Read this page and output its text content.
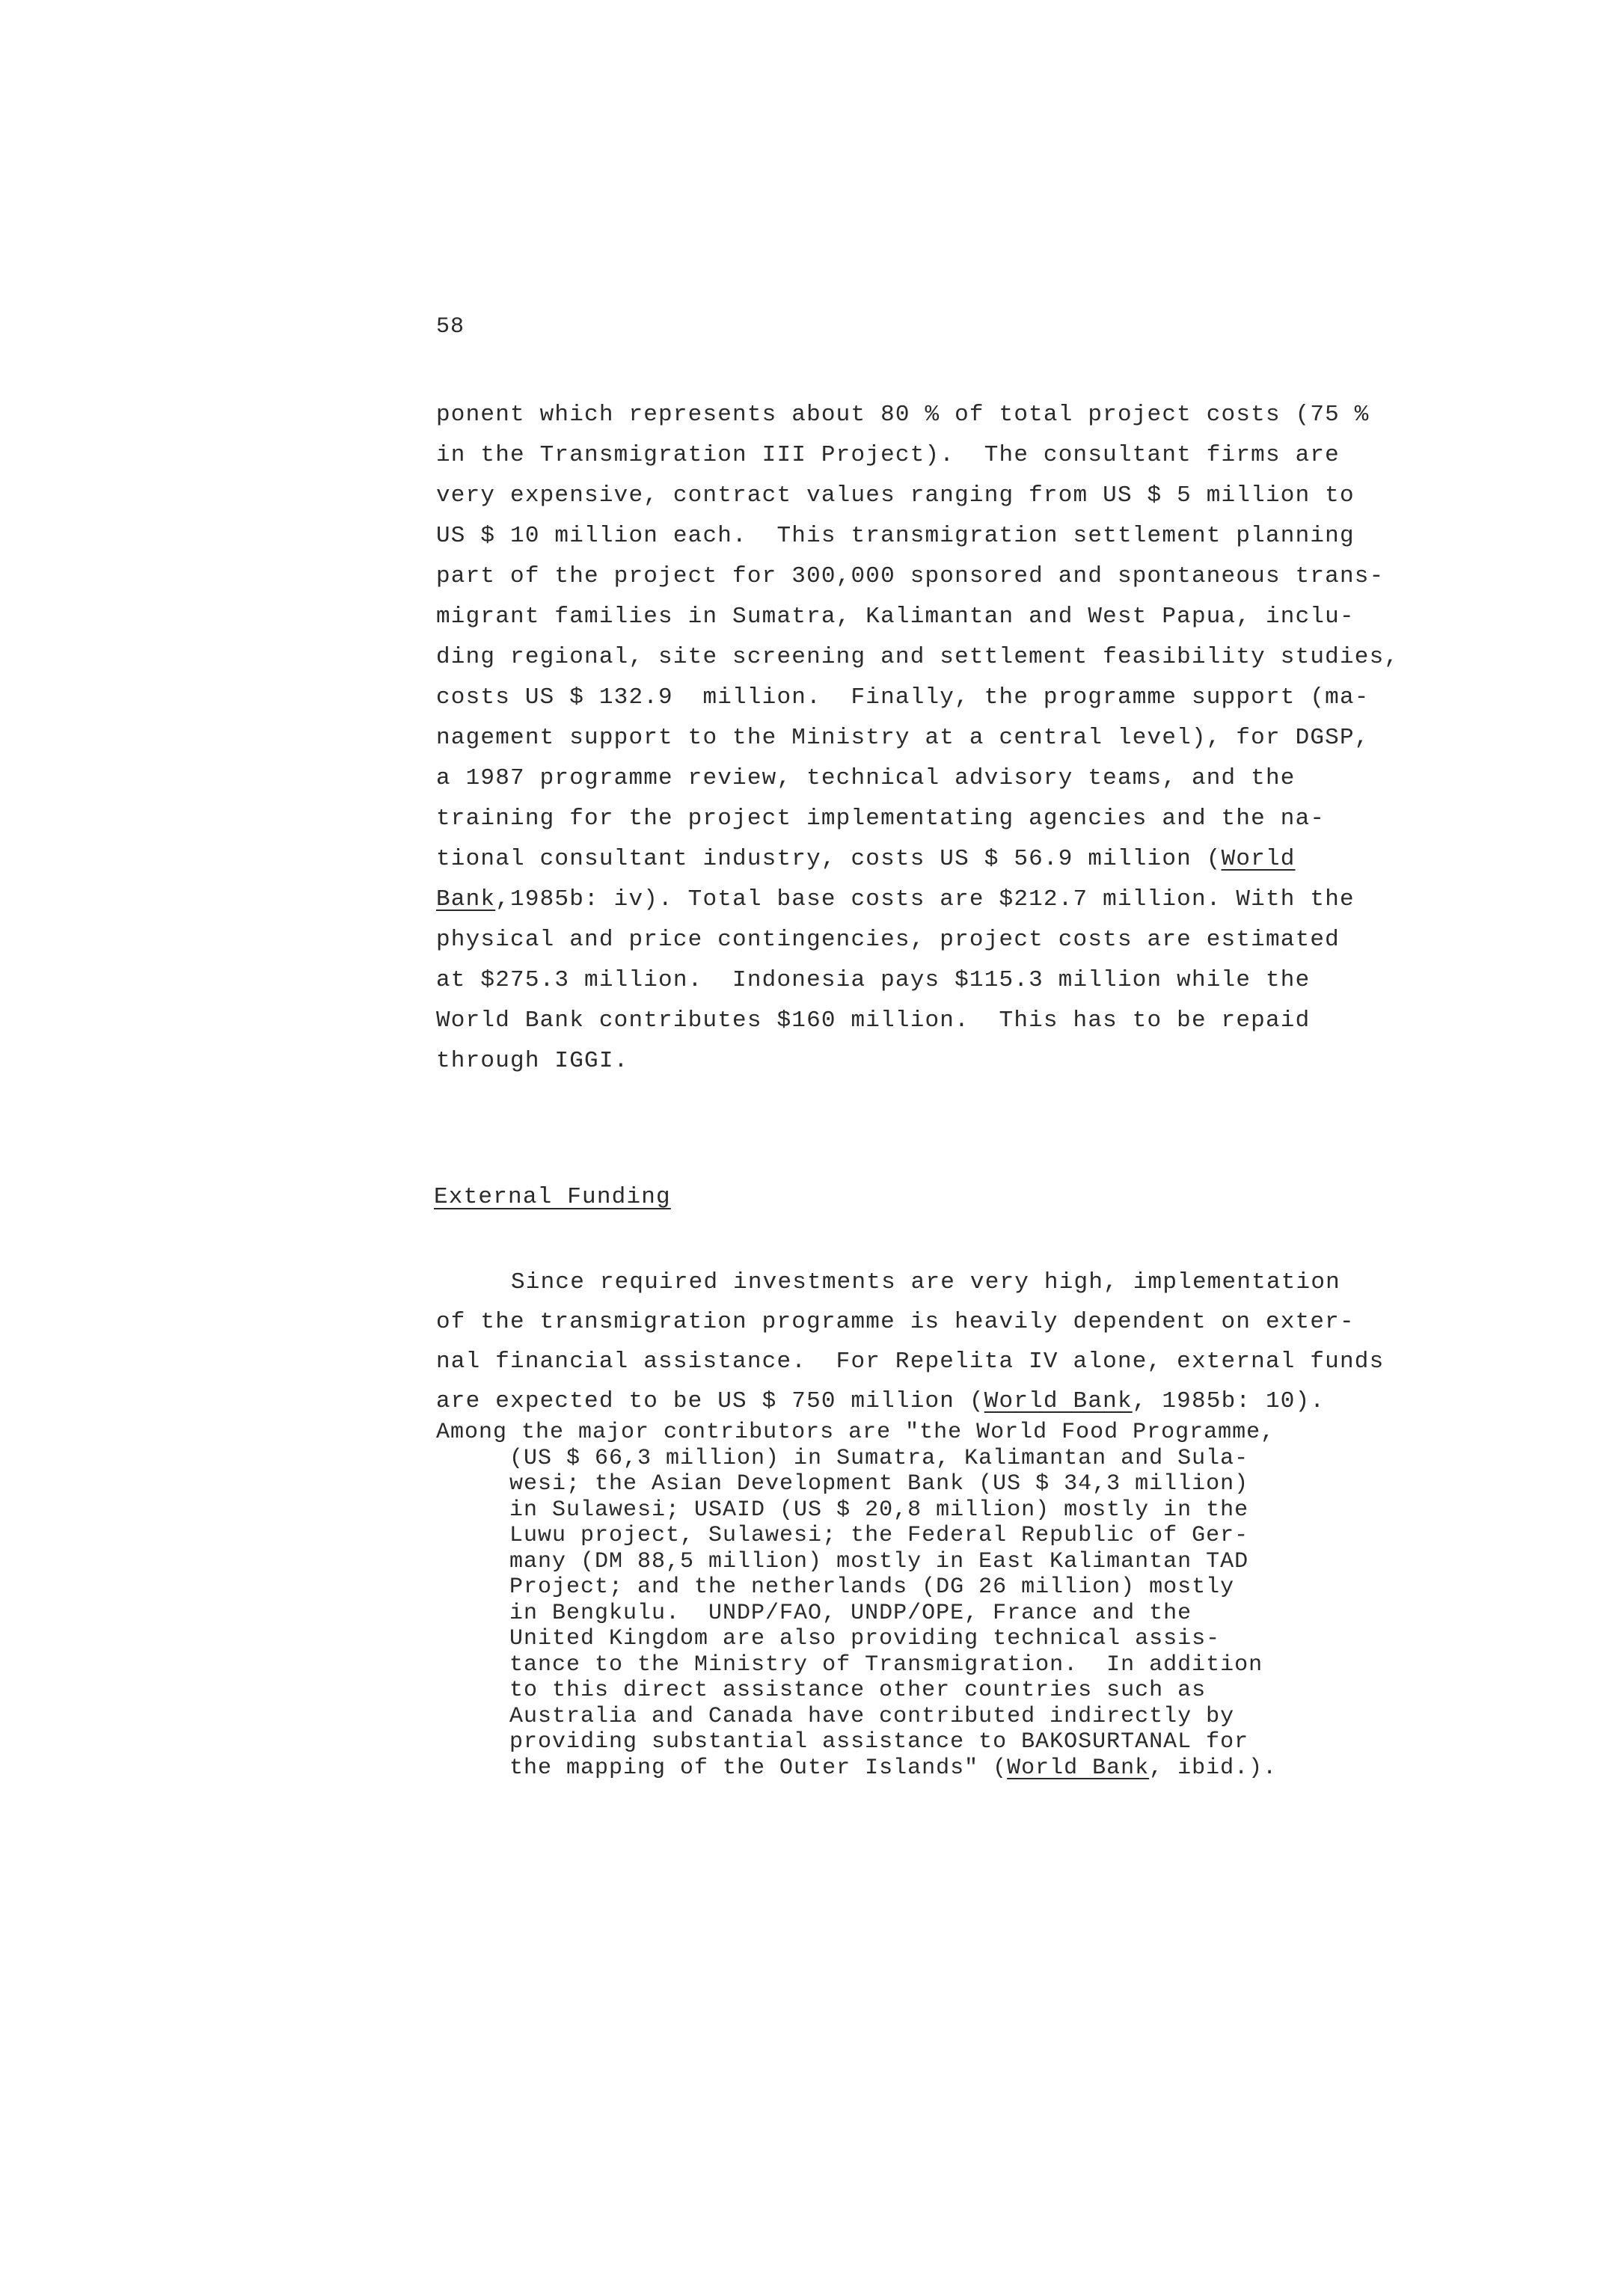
58
ponent which represents about 80 % of total project costs (75 %
in the Transmigration III Project).  The consultant firms are
very expensive, contract values ranging from US $ 5 million to
US $ 10 million each.  This transmigration settlement planning
part of the project for 300,000 sponsored and spontaneous trans-
migrant families in Sumatra, Kalimantan and West Papua, inclu-
ding regional, site screening and settlement feasibility studies,
costs US $ 132.9  million.  Finally, the programme support (ma-
nagement support to the Ministry at a central level), for DGSP,
a 1987 programme review, technical advisory teams, and the
training for the project implementating agencies and the na-
tional consultant industry, costs US $ 56.9 million (World
Bank,1985b: iv). Total base costs are $212.7 million. With the
physical and price contingencies, project costs are estimated
at $275.3 million.  Indonesia pays $115.3 million while the
World Bank contributes $160 million.  This has to be repaid
through IGGI.
External Funding
Since required investments are very high, implementation
of the transmigration programme is heavily dependent on exter-
nal financial assistance.  For Repelita IV alone, external funds
are expected to be US $ 750 million (World Bank, 1985b: 10).
Among the major contributors are "the World Food Programme,
(US $ 66,3 million) in Sumatra, Kalimantan and Sula-
wesi; the Asian Development Bank (US $ 34,3 million)
in Sulawesi; USAID (US $ 20,8 million) mostly in the
Luwu project, Sulawesi; the Federal Republic of Ger-
many (DM 88,5 million) mostly in East Kalimantan TAD
Project; and the netherlands (DG 26 million) mostly
in Bengkulu.  UNDP/FAO, UNDP/OPE, France and the
United Kingdom are also providing technical assis-
tance to the Ministry of Transmigration.  In addition
to this direct assistance other countries such as
Australia and Canada have contributed indirectly by
providing substantial assistance to BAKOSURTANAL for
the mapping of the Outer Islands" (World Bank, ibid.).
